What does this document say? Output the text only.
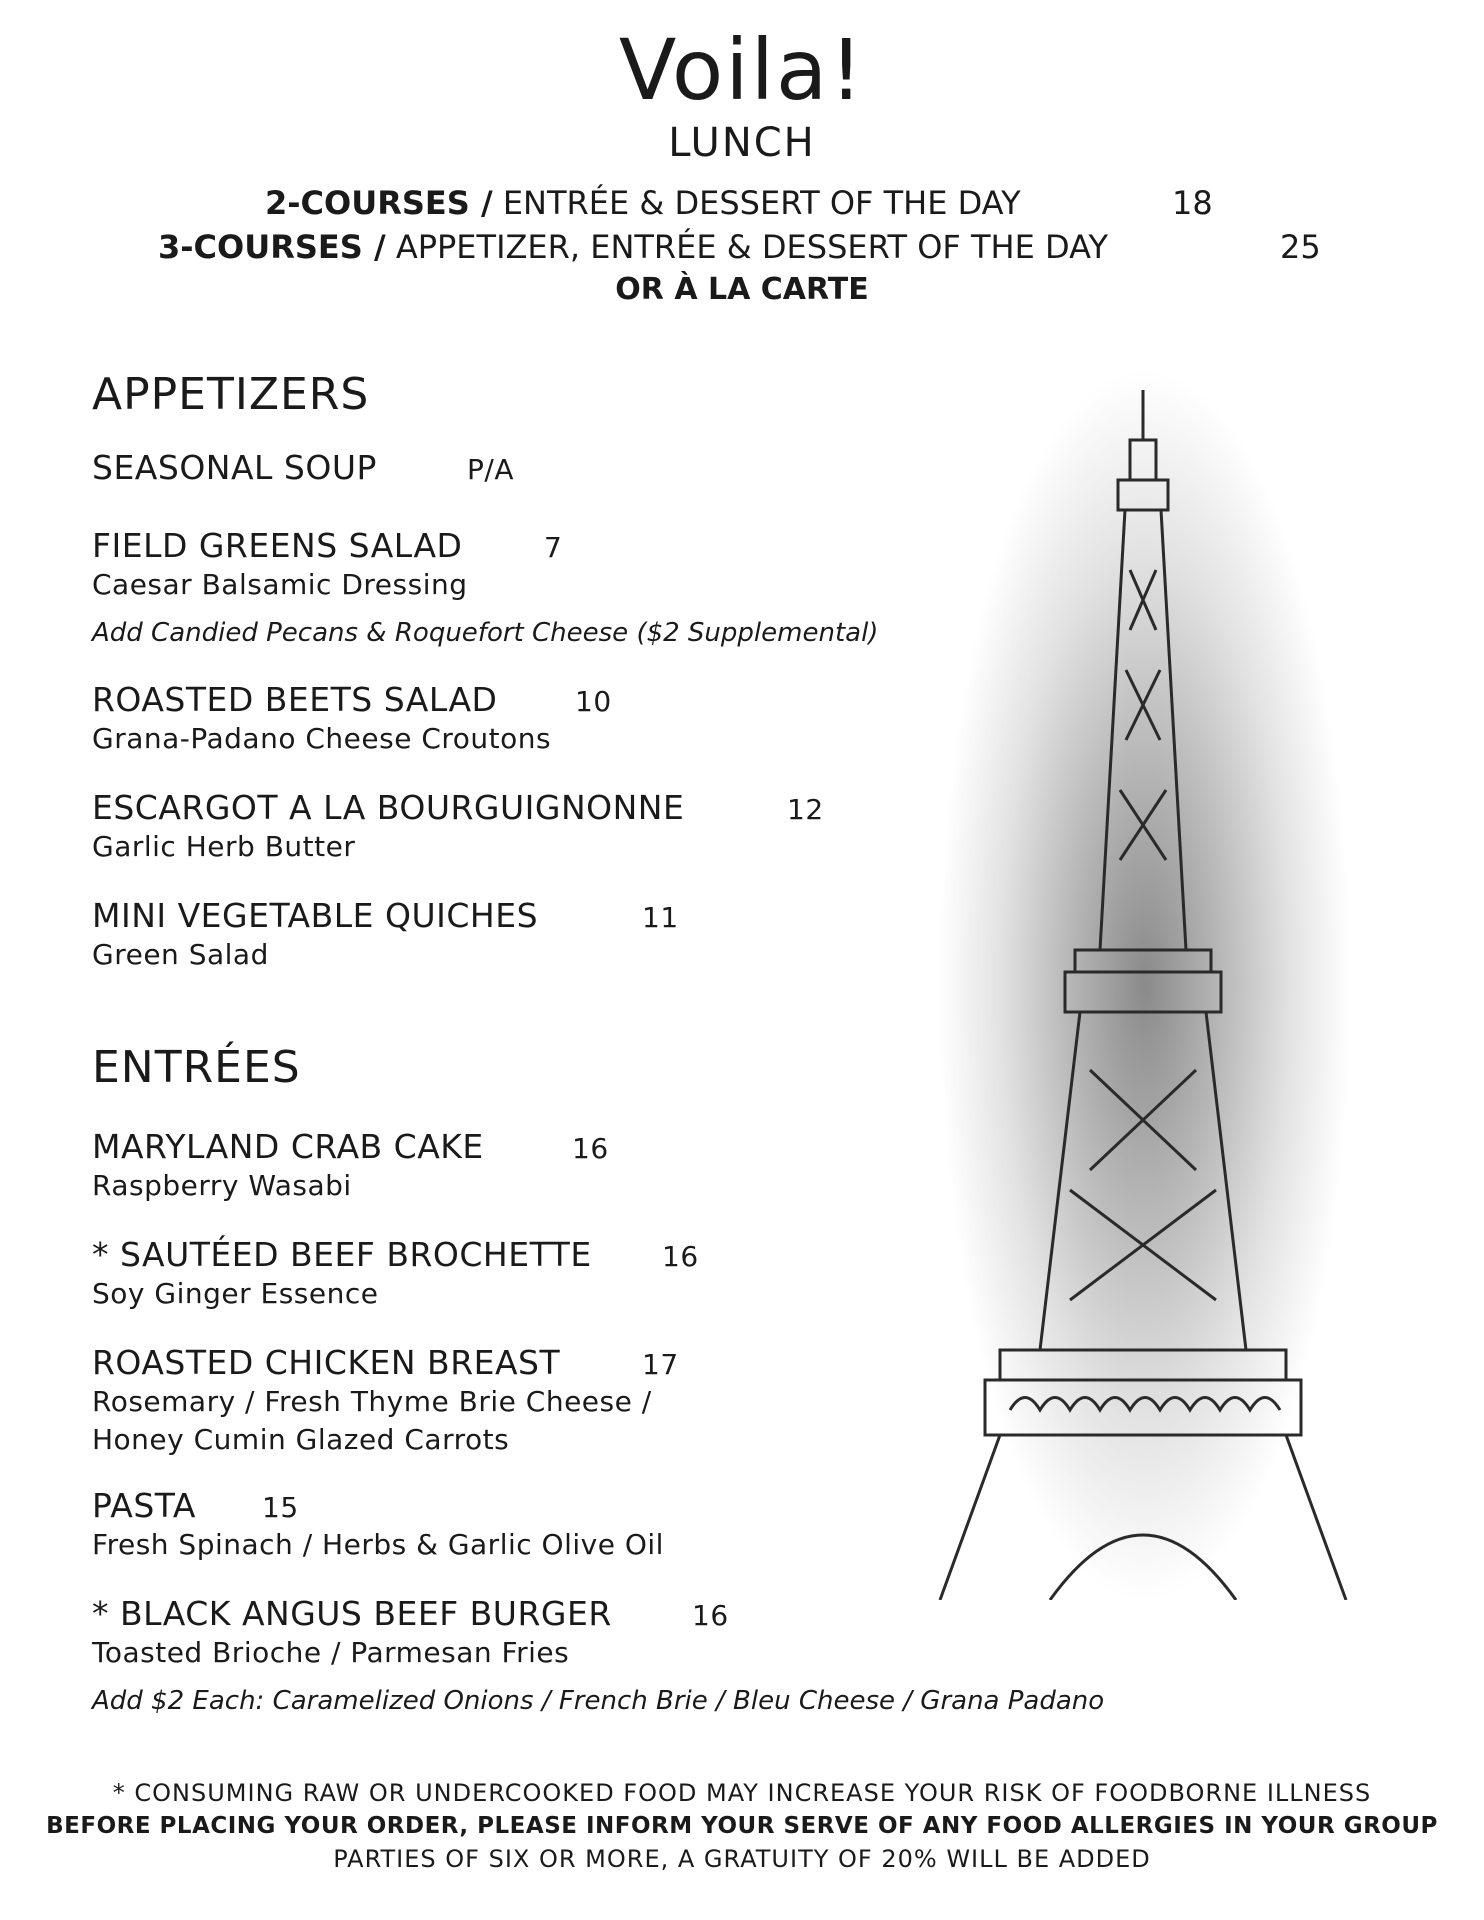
Voila!
LUNCH
2-COURSES / ENTRÉE & DESSERT OF THE DAY	18
3-COURSES / APPETIZER, ENTRÉE & DESSERT OF THE DAY	25
OR À LA CARTE
APPETIZERS
SEASONAL SOUP	P/A
FIELD GREENS SALAD	7
Caesar Balsamic Dressing
Add Candied Pecans & Roquefort Cheese ($2 Supplemental)
ROASTED BEETS SALAD	10
Grana-Padano Cheese Croutons
ESCARGOT A LA BOURGUIGNONNE	12
Garlic Herb Butter
MINI VEGETABLE QUICHES	11
Green Salad
ENTRÉES
MARYLAND CRAB CAKE	16
Raspberry Wasabi
* SAUTÉED BEEF BROCHETTE	16
Soy Ginger Essence
ROASTED CHICKEN BREAST	17
Rosemary / Fresh Thyme Brie Cheese /
Honey Cumin Glazed Carrots
PASTA 15
Fresh Spinach / Herbs & Garlic Olive Oil
* BLACK ANGUS BEEF BURGER	16
Toasted Brioche / Parmesan Fries
Add $2 Each: Caramelized Onions / French Brie / Bleu Cheese / Grana Padano
* CONSUMING RAW OR UNDERCOOKED FOOD MAY INCREASE YOUR RISK OF FOODBORNE ILLNESS
BEFORE PLACING YOUR ORDER, PLEASE INFORM YOUR SERVE OF ANY FOOD ALLERGIES IN YOUR GROUP
PARTIES OF SIX OR MORE, A GRATUITY OF 20% WILL BE ADDED
